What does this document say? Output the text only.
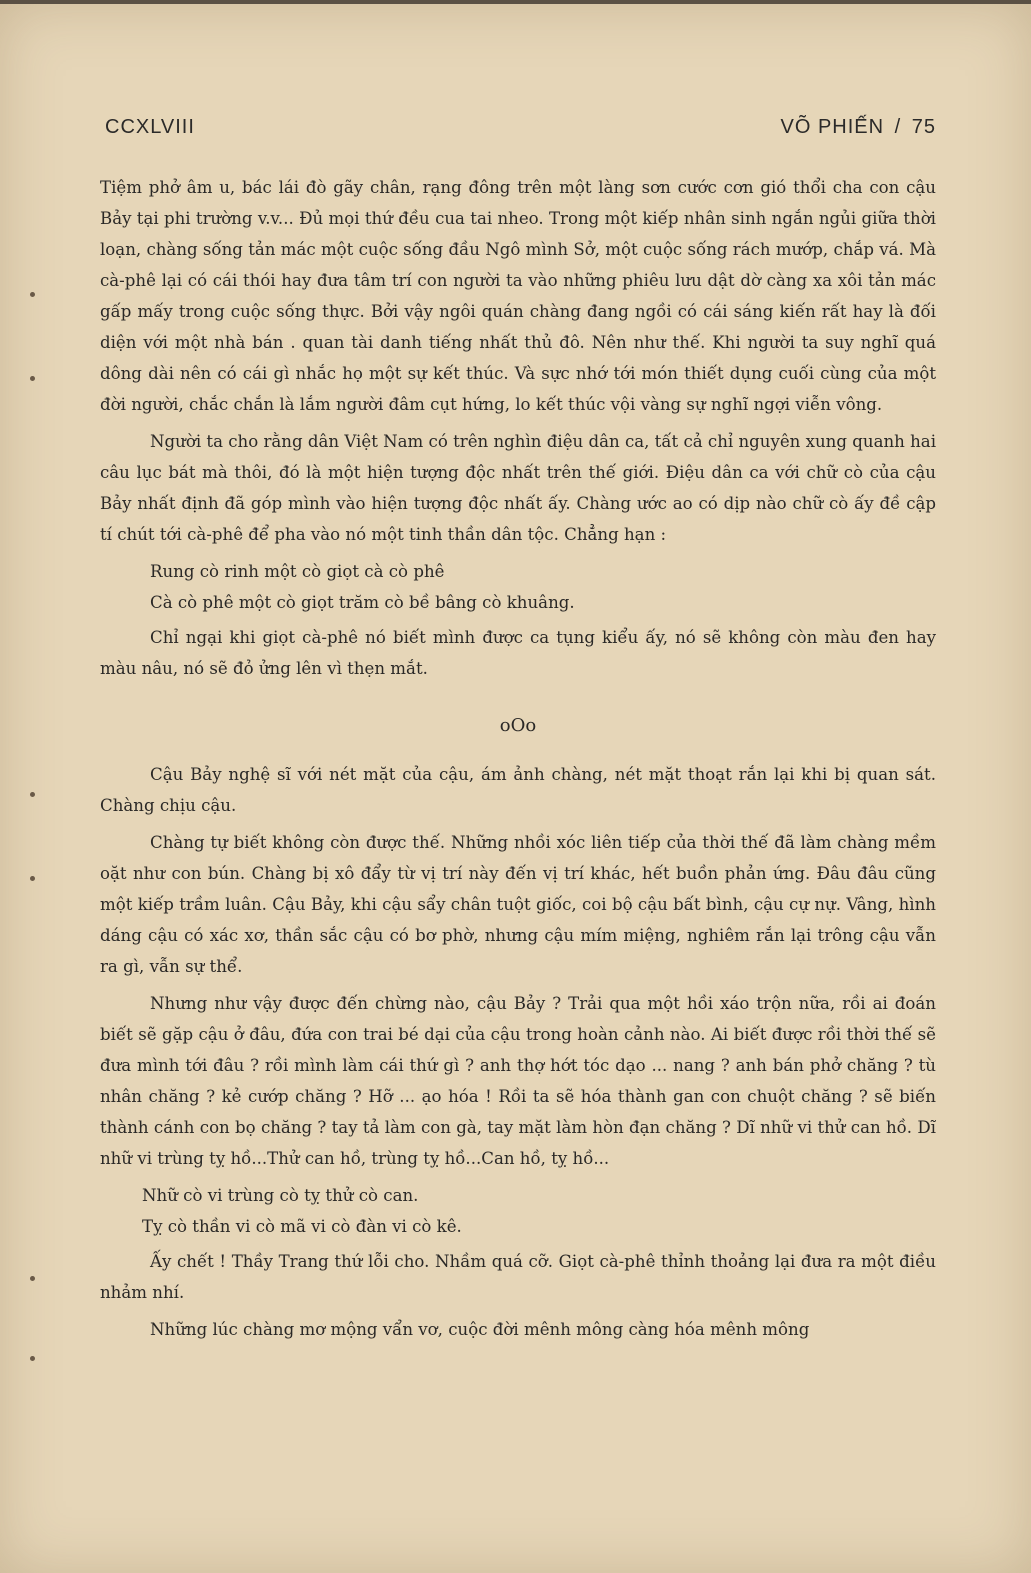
CCXLVIII	VÕ PHIẾN / 75

Tiệm phở âm u, bác lái đò gãy chân, rạng đông trên một làng sơn cước cơn gió thổi cha con cậu Bảy tại phi trường v.v... Đủ mọi thứ đều cua tai nheo. Trong một kiếp nhân sinh ngắn ngủi giữa thời loạn, chàng sống tản mác một cuộc sống đầu Ngô mình Sở, một cuộc sống rách mướp, chắp vá. Mà cà-phê lại có cái thói hay đưa tâm trí con người ta vào những phiêu lưu dật dờ càng xa xôi tản mác gấp mấy trong cuộc sống thực. Bởi vậy ngôi quán chàng đang ngồi có cái sáng kiến rất hay là đối diện với một nhà bán . quan tài danh tiếng nhất thủ đô. Nên như thế. Khi người ta suy nghĩ quá dông dài nên có cái gì nhắc họ một sự kết thúc. Và sực nhớ tới món thiết dụng cuối cùng của một đời người, chắc chắn là lắm người đâm cụt hứng, lo kết thúc vội vàng sự nghĩ ngợi viễn vông.

Người ta cho rằng dân Việt Nam có trên nghìn điệu dân ca, tất cả chỉ nguyên xung quanh hai câu lục bát mà thôi, đó là một hiện tượng độc nhất trên thế giới. Điệu dân ca với chữ cò của cậu Bảy nhất định đã góp mình vào hiện tượng độc nhất ấy. Chàng ước ao có dịp nào chữ cò ấy đề cập tí chút tới cà-phê để pha vào nó một tinh thần dân tộc. Chẳng hạn :

Rung cò rinh một cò giọt cà cò phê
Cà cò phê một cò giọt trăm cò bề bâng cò khuâng.

Chỉ ngại khi giọt cà-phê nó biết mình được ca tụng kiểu ấy, nó sẽ không còn màu đen hay màu nâu, nó sẽ đỏ ửng lên vì thẹn mắt.

oOo

Cậu Bảy nghệ sĩ với nét mặt của cậu, ám ảnh chàng, nét mặt thoạt rắn lại khi bị quan sát. Chàng chịu cậu.

Chàng tự biết không còn được thế. Những nhồi xóc liên tiếp của thời thế đã làm chàng mềm oặt như con bún. Chàng bị xô đẩy từ vị trí này đến vị trí khác, hết buồn phản ứng. Đâu đâu cũng một kiếp trầm luân. Cậu Bảy, khi cậu sẩy chân tuột giốc, coi bộ cậu bất bình, cậu cự nự. Vâng, hình dáng cậu có xác xơ, thần sắc cậu có bơ phờ, nhưng cậu mím miệng, nghiêm rắn lại trông cậu vẫn ra gì, vẫn sự thể.

Nhưng như vậy được đến chừng nào, cậu Bảy ? Trải qua một hồi xáo trộn nữa, rồi ai đoán biết sẽ gặp cậu ở đâu, đứa con trai bé dại của cậu trong hoàn cảnh nào. Ai biết được rồi thời thế sẽ đưa mình tới đâu ? rồi mình làm cái thứ gì ? anh thợ hớt tóc dạo ... nang ? anh bán phở chăng ? tù nhân chăng ? kẻ cướp chăng ? Hỡ ... ạo hóa ! Rồi ta sẽ hóa thành gan con chuột chăng ? sẽ biến thành cánh con bọ chăng ? tay tả làm con gà, tay mặt làm hòn đạn chăng ? Dĩ nhữ vi thử can hồ. Dĩ nhữ vi trùng tỵ hồ...Thử can hồ, trùng tỵ hồ...Can hồ, tỵ hồ...

Nhữ cò vi trùng cò tỵ thử cò can.
Tỵ cò thần vi cò mã vi cò đàn vi cò kê.

Ấy chết ! Thầy Trang thứ lỗi cho. Nhầm quá cỡ. Giọt cà-phê thỉnh thoảng lại đưa ra một điều nhảm nhí.

Những lúc chàng mơ mộng vẩn vơ, cuộc đời mênh mông càng hóa mênh mông
